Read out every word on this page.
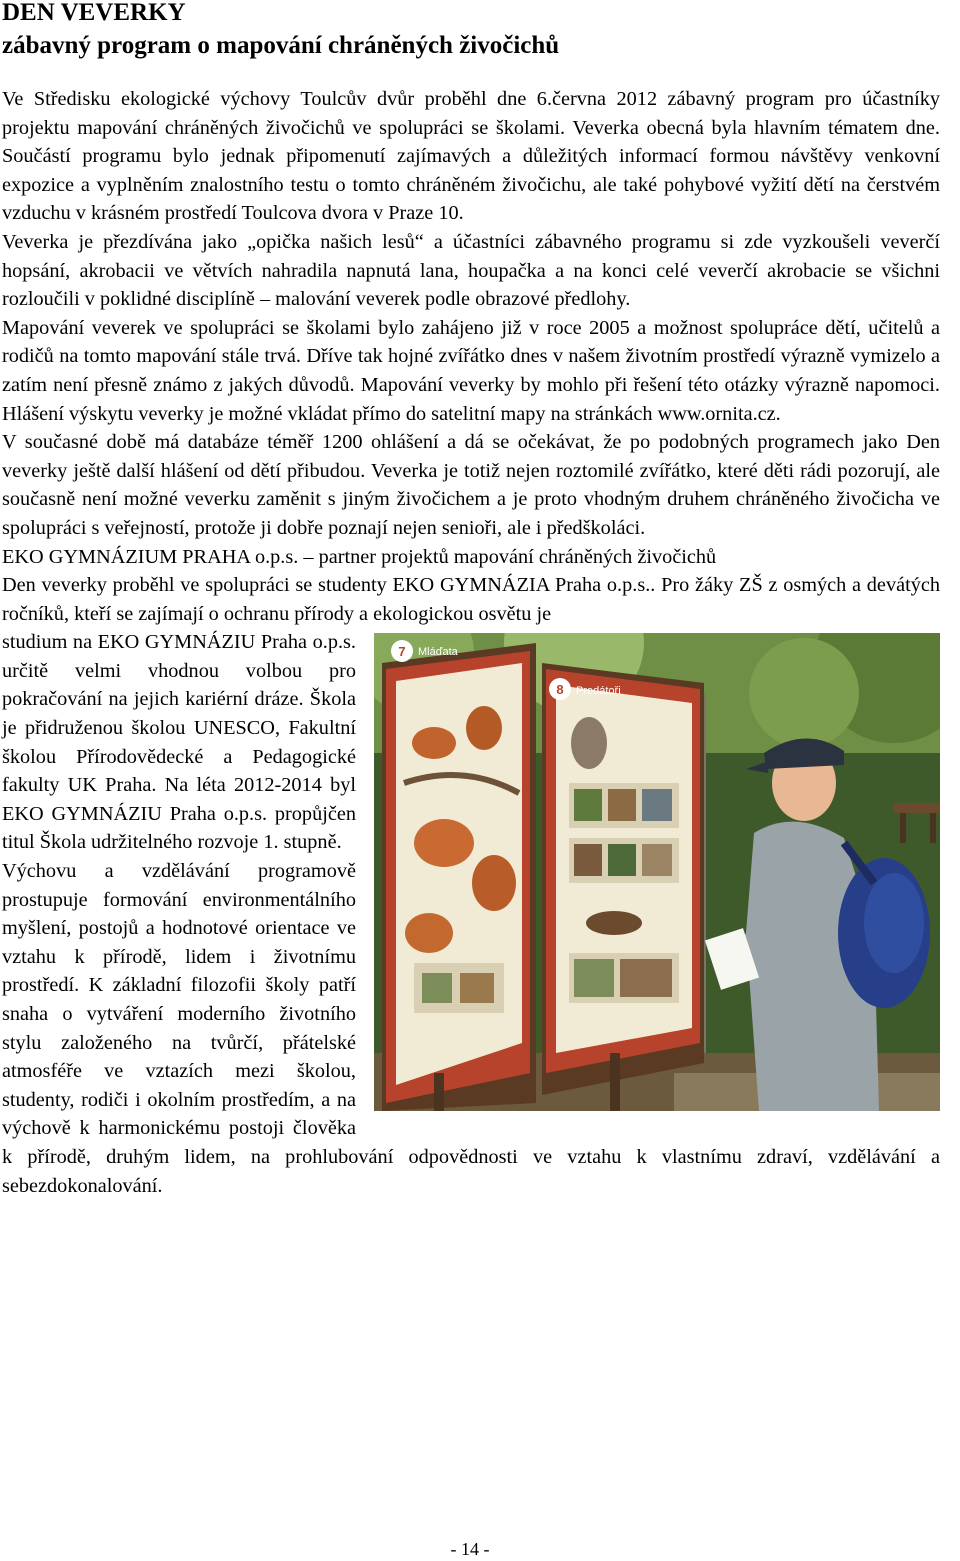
DEN VEVERKY
zábavný program o mapování chráněných živočichů

Ve Středisku ekologické výchovy Toulcův dvůr proběhl dne 6.června 2012 zábavný program pro účastníky projektu mapování chráněných živočichů ve spolupráci se školami. Veverka obecná byla hlavním tématem dne. Součástí programu bylo jednak připomenutí zajímavých a důležitých informací formou návštěvy venkovní expozice a vyplněním znalostního testu o tomto chráněném živočichu, ale také pohybové vyžití dětí na čerstvém vzduchu v krásném prostředí Toulcova dvora v Praze 10.

Veverka je přezdívána jako „opička našich lesů“ a účastníci zábavného programu si zde vyzkoušeli veverčí hopsání, akrobacii ve větvích nahradila napnutá lana, houpačka a na konci celé veverčí akrobacie se všichni rozloučili v poklidné disciplíně – malování veverek podle obrazové předlohy.

Mapování veverek ve spolupráci se školami bylo zahájeno již v roce 2005 a možnost spolupráce dětí, učitelů a rodičů na tomto mapování stále trvá. Dříve tak hojné zvířátko dnes v našem životním prostředí výrazně vymizelo a zatím není přesně známo z jakých důvodů. Mapování veverky by mohlo při řešení této otázky výrazně napomoci. Hlášení výskytu veverky je možné vkládat přímo do satelitní mapy na stránkách www.ornita.cz.

V současné době má databáze téměř 1200 ohlášení a dá se očekávat, že po podobných programech jako Den veverky ještě další hlášení od dětí přibudou. Veverka je totiž nejen roztomilé zvířátko, které děti rádi pozorují, ale současně není možné veverku zaměnit s jiným živočichem a je proto vhodným druhem chráněného živočicha ve spolupráci s veřejností, protože ji dobře poznají nejen senioři, ale i předškoláci.

EKO GYMNÁZIUM PRAHA o.p.s. – partner projektů mapování chráněných živočichů

Den veverky proběhl ve spolupráci se studenty EKO GYMNÁZIA Praha o.p.s.. Pro žáky ZŠ z osmých a devátých ročníků, kteří se zajímají o ochranu přírody a ekologickou osvětu je

7 Mláďata
8 Predátoři

studium na EKO GYMNÁZIU Praha o.p.s. určitě velmi vhodnou volbou pro pokračování na jejich kariérní dráze. Škola je přidruženou školou UNESCO, Fakultní školou Přírodovědecké a Pedagogické fakulty UK Praha. Na léta 2012-2014 byl EKO GYMNÁZIU Praha o.p.s. propůjčen titul Škola udržitelného rozvoje 1. stupně.

Výchovu a vzdělávání programově prostupuje formování environmentálního myšlení, postojů a hodnotové orientace ve vztahu k přírodě, lidem i životnímu prostředí. K základní filozofii školy patří snaha o vytváření moderního životního stylu založeného na tvůrčí, přátelské atmosféře ve vztazích mezi školou, studenty, rodiči i okolním prostředím, a na výchově k harmonickému postoji člověka k přírodě, druhým lidem, na prohlubování odpovědnosti ve vztahu k vlastnímu zdraví, vzdělávání a sebezdokonalování.

- 14 -
